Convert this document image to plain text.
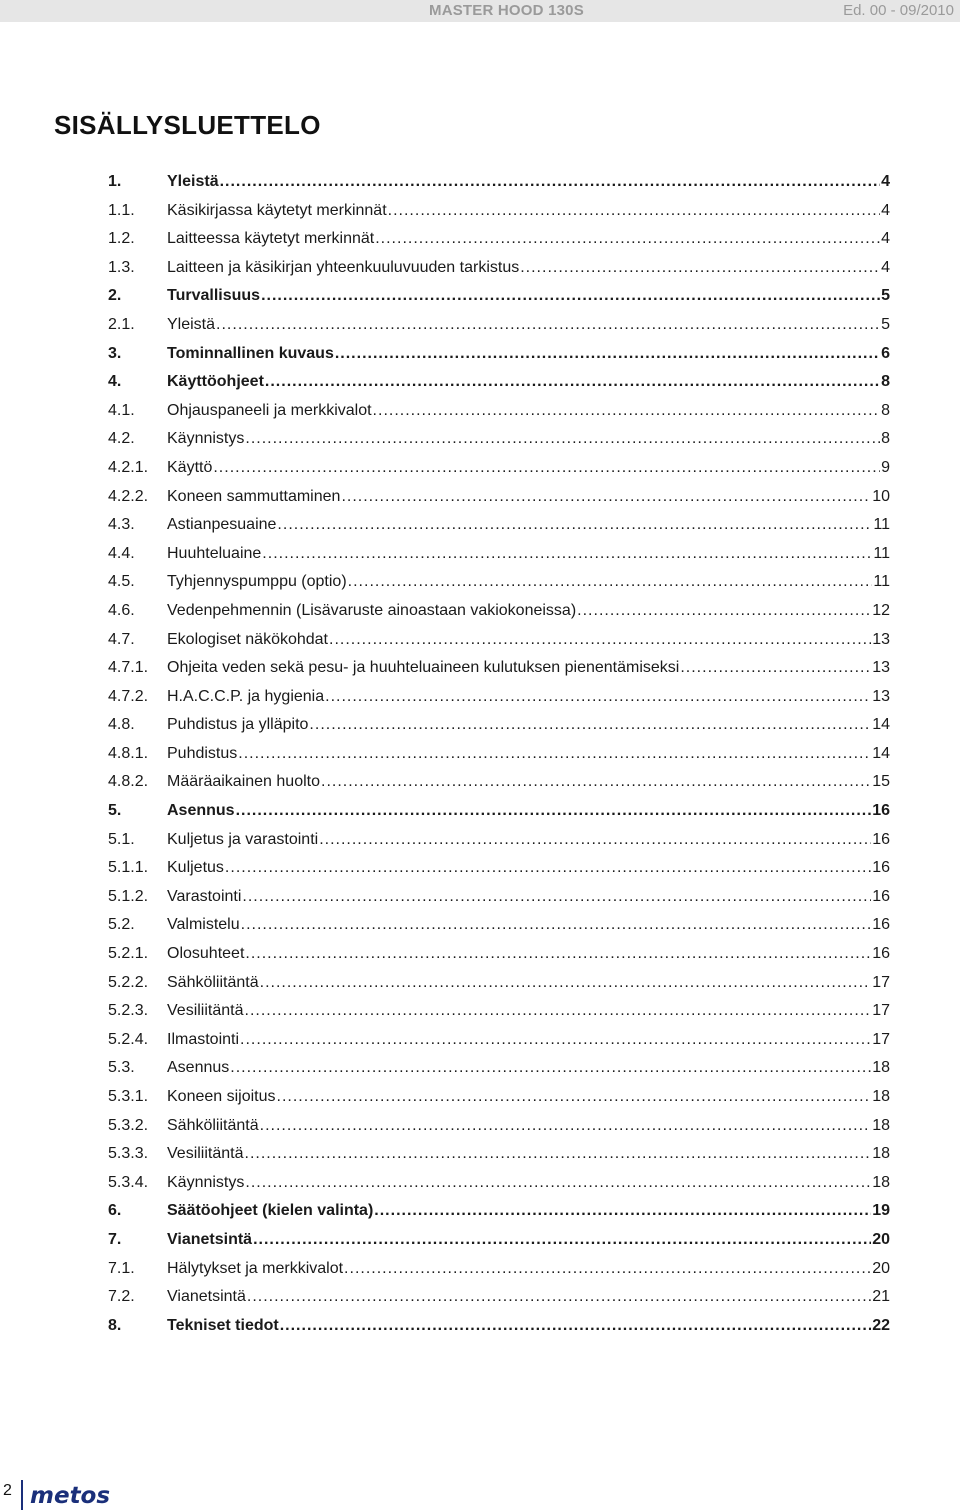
MASTER HOOD 130S	Ed. 00 - 09/2010
SISÄLLYSLUETTELO
1.	Yleistä .....	4
1.1.	Käsikirjassa käytetyt merkinnät .....	4
1.2.	Laitteessa käytetyt merkinnät .....	4
1.3.	Laitteen ja käsikirjan yhteenkuuluvuuden tarkistus .....	4
2.	Turvallisuus .....	5
2.1.	Yleistä .....	5
3.	Tominnallinen kuvaus .....	6
4.	Käyttöohjeet .....	8
4.1.	Ohjauspaneeli ja merkkivalot .....	8
4.2.	Käynnistys .....	8
4.2.1.	Käyttö .....	9
4.2.2.	Koneen sammuttaminen .....	10
4.3.	Astianpesuaine .....	11
4.4.	Huuhteluaine .....	11
4.5.	Tyhjennyspumppu (optio) .....	11
4.6.	Vedenpehmennin (Lisävaruste ainoastaan vakiokoneissa) .....	12
4.7.	Ekologiset näkökohdat .....	13
4.7.1.	Ohjeita veden sekä pesu- ja huuhteluaineen kulutuksen pienentämiseksi .....	13
4.7.2.	H.A.C.C.P. ja hygienia .....	13
4.8.	Puhdistus ja ylläpito .....	14
4.8.1.	Puhdistus .....	14
4.8.2.	Määräaikainen huolto .....	15
5.	Asennus .....	16
5.1.	Kuljetus ja varastointi .....	16
5.1.1.	Kuljetus .....	16
5.1.2.	Varastointi .....	16
5.2.	Valmistelu .....	16
5.2.1.	Olosuhteet .....	16
5.2.2.	Sähköliitäntä .....	17
5.2.3.	Vesiliitäntä .....	17
5.2.4.	Ilmastointi .....	17
5.3.	Asennus .....	18
5.3.1.	Koneen sijoitus .....	18
5.3.2.	Sähköliitäntä .....	18
5.3.3.	Vesiliitäntä .....	18
5.3.4.	Käynnistys .....	18
6.	Säätöohjeet (kielen valinta) .....	19
7.	Vianetsintä .....	20
7.1.	Hälytykset ja merkkivalot .....	20
7.2.	Vianetsintä .....	21
8.	Tekniset tiedot .....	22
2 metos
